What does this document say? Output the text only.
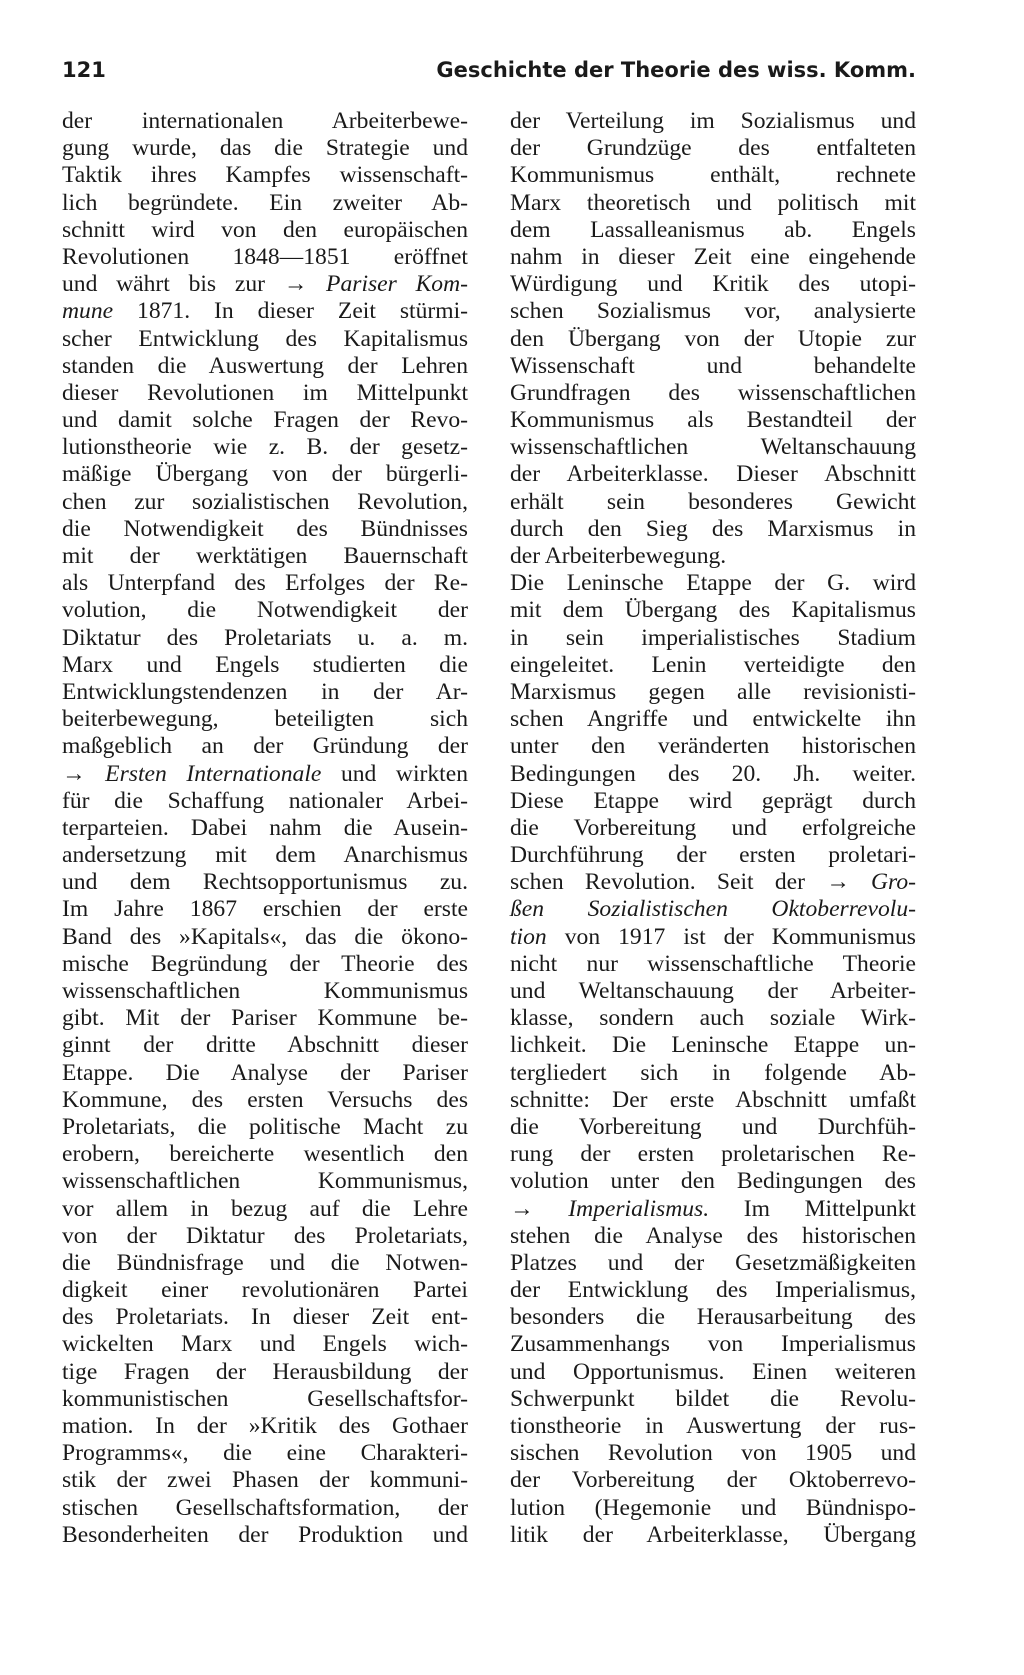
121	Geschichte der Theorie des wiss. Komm.
der internationalen Arbeiterbewe-
gung wurde, das die Strategie und
Taktik ihres Kampfes wissenschaft-
lich begründete. Ein zweiter Ab-
schnitt wird von den europäischen
Revolutionen 1848—1851 eröffnet
und währt bis zur → Pariser Kom-
mune 1871. In dieser Zeit stürmi-
scher Entwicklung des Kapitalismus
standen die Auswertung der Lehren
dieser Revolutionen im Mittelpunkt
und damit solche Fragen der Revo-
lutionstheorie wie z. B. der gesetz-
mäßige Übergang von der bürgerli-
chen zur sozialistischen Revolution,
die Notwendigkeit des Bündnisses
mit der werktätigen Bauernschaft
als Unterpfand des Erfolges der Re-
volution, die Notwendigkeit der
Diktatur des Proletariats u. a. m.
Marx und Engels studierten die
Entwicklungstendenzen in der Ar-
beiterbewegung, beteiligten sich
maßgeblich an der Gründung der
→ Ersten Internationale und wirkten
für die Schaffung nationaler Arbei-
terparteien. Dabei nahm die Ausein-
andersetzung mit dem Anarchismus
und dem Rechtsopportunismus zu.
Im Jahre 1867 erschien der erste
Band des »Kapitals«, das die ökono-
mische Begründung der Theorie des
wissenschaftlichen Kommunismus
gibt. Mit der Pariser Kommune be-
ginnt der dritte Abschnitt dieser
Etappe. Die Analyse der Pariser
Kommune, des ersten Versuchs des
Proletariats, die politische Macht zu
erobern, bereicherte wesentlich den
wissenschaftlichen Kommunismus,
vor allem in bezug auf die Lehre
von der Diktatur des Proletariats,
die Bündnisfrage und die Notwen-
digkeit einer revolutionären Partei
des Proletariats. In dieser Zeit ent-
wickelten Marx und Engels wich-
tige Fragen der Herausbildung der
kommunistischen Gesellschaftsfor-
mation. In der »Kritik des Gothaer
Programms«, die eine Charakteri-
stik der zwei Phasen der kommuni-
stischen Gesellschaftsformation, der
Besonderheiten der Produktion und
der Verteilung im Sozialismus und
der Grundzüge des entfalteten
Kommunismus enthält, rechnete
Marx theoretisch und politisch mit
dem Lassalleanismus ab. Engels
nahm in dieser Zeit eine eingehende
Würdigung und Kritik des utopi-
schen Sozialismus vor, analysierte
den Übergang von der Utopie zur
Wissenschaft und behandelte
Grundfragen des wissenschaftlichen
Kommunismus als Bestandteil der
wissenschaftlichen Weltanschauung
der Arbeiterklasse. Dieser Abschnitt
erhält sein besonderes Gewicht
durch den Sieg des Marxismus in
der Arbeiterbewegung.
Die Leninsche Etappe der G. wird
mit dem Übergang des Kapitalismus
in sein imperialistisches Stadium
eingeleitet. Lenin verteidigte den
Marxismus gegen alle revisionisti-
schen Angriffe und entwickelte ihn
unter den veränderten historischen
Bedingungen des 20. Jh. weiter.
Diese Etappe wird geprägt durch
die Vorbereitung und erfolgreiche
Durchführung der ersten proletari-
schen Revolution. Seit der → Gro-
ßen Sozialistischen Oktoberrevolu-
tion von 1917 ist der Kommunismus
nicht nur wissenschaftliche Theorie
und Weltanschauung der Arbeiter-
klasse, sondern auch soziale Wirk-
lichkeit. Die Leninsche Etappe un-
tergliedert sich in folgende Ab-
schnitte: Der erste Abschnitt umfaßt
die Vorbereitung und Durchfüh-
rung der ersten proletarischen Re-
volution unter den Bedingungen des
→ Imperialismus. Im Mittelpunkt
stehen die Analyse des historischen
Platzes und der Gesetzmäßigkeiten
der Entwicklung des Imperialismus,
besonders die Herausarbeitung des
Zusammenhangs von Imperialismus
und Opportunismus. Einen weiteren
Schwerpunkt bildet die Revolu-
tionstheorie in Auswertung der rus-
sischen Revolution von 1905 und
der Vorbereitung der Oktoberrevo-
lution (Hegemonie und Bündnispo-
litik der Arbeiterklasse, Übergang
